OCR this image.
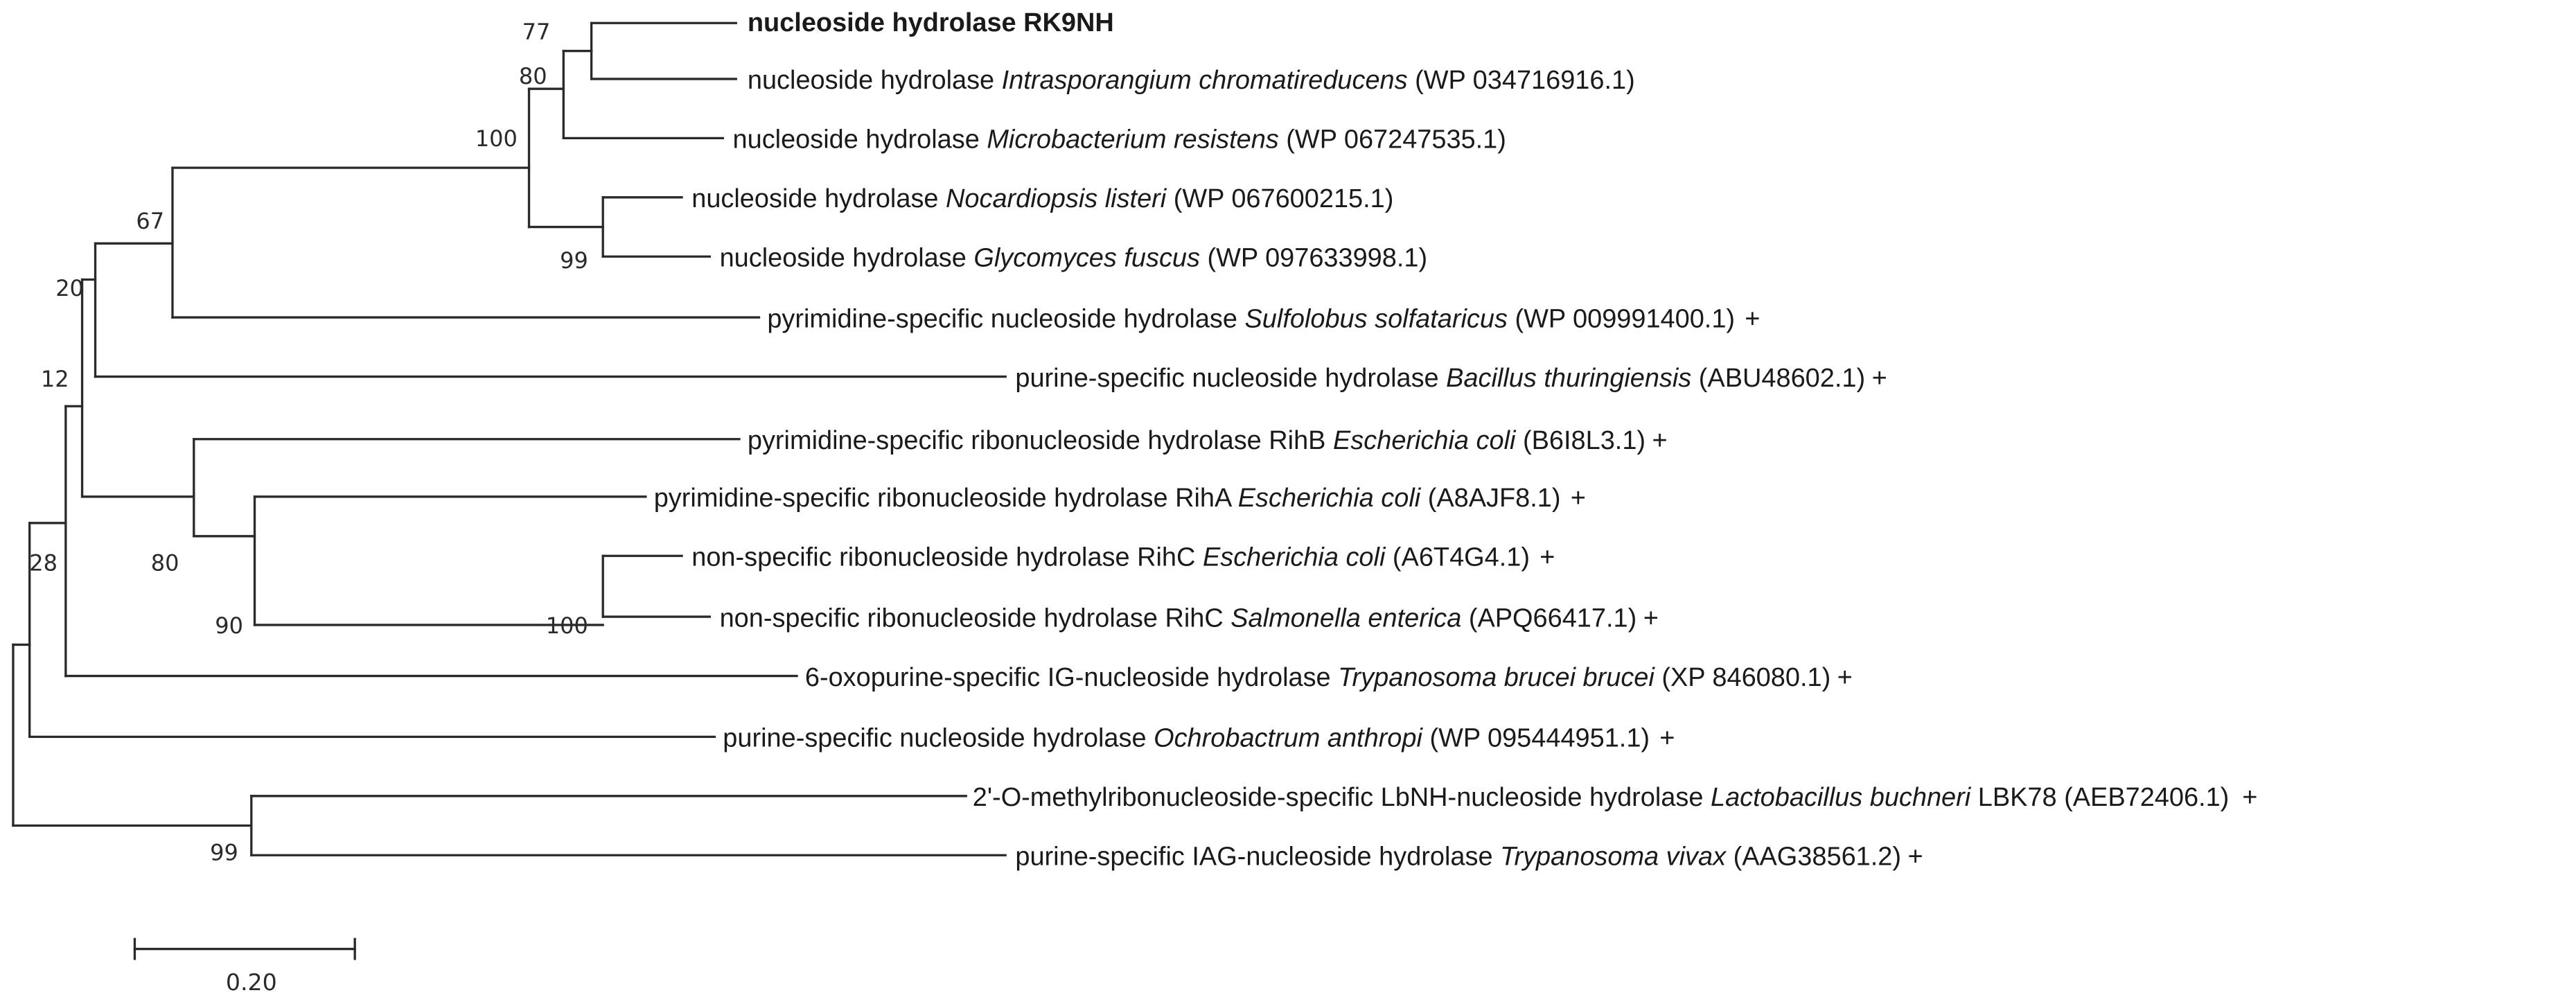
77
80
100
99
67
20
12
28	80
90	100
99
nucleoside hydrolase RK9NH
nucleoside hydrolase Intrasporangium chromatireducens (WP 034716916.1)
nucleoside hydrolase Microbacterium resistens (WP 067247535.1)
nucleoside hydrolase Nocardiopsis listeri (WP 067600215.1)
nucleoside hydrolase Glycomyces fuscus (WP 097633998.1)
pyrimidine-specific nucleoside hydrolase Sulfolobus solfataricus (WP 009991400.1) +
purine-specific nucleoside hydrolase Bacillus thuringiensis (ABU48602.1) +
pyrimidine-specific ribonucleoside hydrolase RihB Escherichia coli (B6I8L3.1) +
pyrimidine-specific ribonucleoside hydrolase RihA Escherichia coli (A8AJF8.1) +
non-specific ribonucleoside hydrolase RihC Escherichia coli (A6T4G4.1) +
non-specific ribonucleoside hydrolase RihC Salmonella enterica (APQ66417.1) +
6-oxopurine-specific IG-nucleoside hydrolase Trypanosoma brucei brucei (XP 846080.1) +
purine-specific nucleoside hydrolase Ochrobactrum anthropi (WP 095444951.1) +
2'-O-methylribonucleoside-specific LbNH-nucleoside hydrolase Lactobacillus buchneri LBK78 (AEB72406.1) +
purine-specific IAG-nucleoside hydrolase Trypanosoma vivax (AAG38561.2) +
0.20
